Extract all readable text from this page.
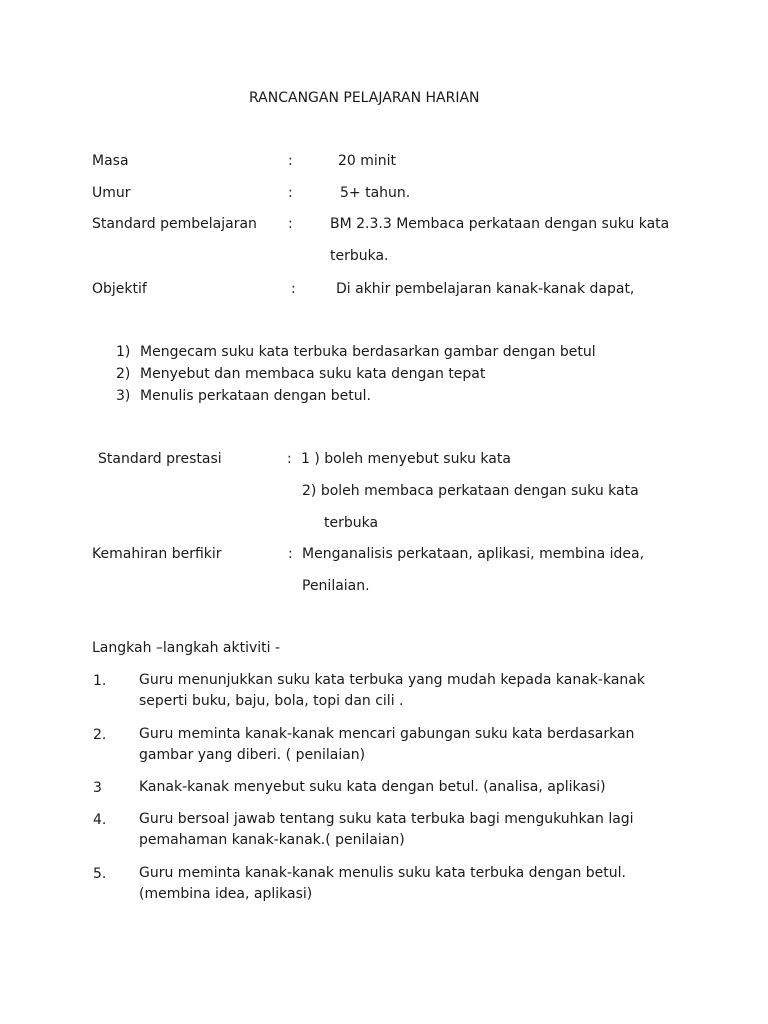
RANCANGAN PELAJARAN HARIAN
Masa	:	20 minit
Umur	:	5+ tahun.
Standard pembelajaran :	BM 2.3.3 Membaca perkataan dengan suku kata
terbuka.
Objektif	:	Di akhir pembelajaran kanak-kanak dapat,
1) Mengecam suku kata terbuka berdasarkan gambar dengan betul
2) Menyebut dan membaca suku kata dengan tepat
3) Menulis perkataan dengan betul.
Standard prestasi	: 1 ) boleh menyebut suku kata
2) boleh membaca perkataan dengan suku kata
terbuka
Kemahiran berfikir	: Menganalisis perkataan, aplikasi, membina idea,
Penilaian.
Langkah –langkah aktiviti -
1. Guru menunjukkan suku kata terbuka yang mudah kepada kanak-kanak seperti buku, baju, bola, topi dan cili .
2. Guru meminta kanak-kanak mencari gabungan suku kata berdasarkan gambar yang diberi. ( penilaian)
3	Kanak-kanak menyebut suku kata dengan betul. (analisa, aplikasi)
4. Guru bersoal jawab tentang suku kata terbuka bagi mengukuhkan lagi pemahaman kanak-kanak.( penilaian)
5. Guru meminta kanak-kanak menulis suku kata terbuka dengan betul.(membina idea, aplikasi)
